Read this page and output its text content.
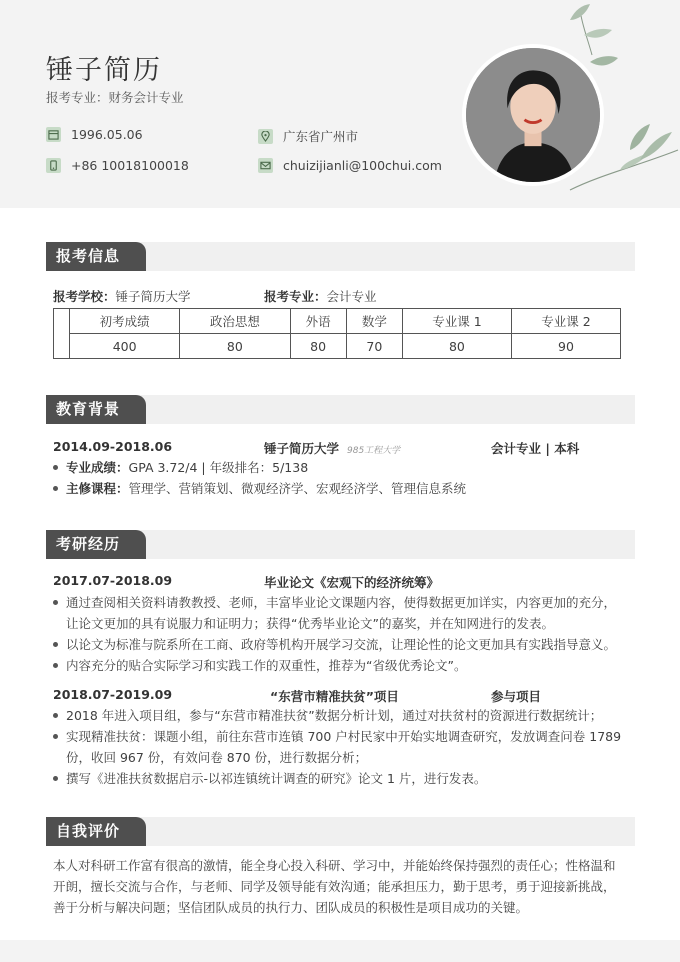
锤子简历
报考专业：财务会计专业
1996.05.06
+86 10018100018
广东省广州市
chuizijianli@100chui.com
报考信息
报考学校：锤子简历大学	报考专业：会计专业
	初考成绩	政治思想	外语	数学	专业课 1	专业课 2
	400	80	80	70	80	90
教育背景
2014.09-2018.06	锤子简历大学 985工程大学	会计专业 | 本科
专业成绩：GPA 3.72/4 | 年级排名：5/138
主修课程：管理学、营销策划、微观经济学、宏观经济学、管理信息系统
考研经历
2017.07-2018.09	毕业论文《宏观下的经济统筹》
通过查阅相关资料请教教授、老师，丰富毕业论文课题内容，使得数据更加详实，内容更加的充分，让论文更加的具有说服力和证明力；获得“优秀毕业论文”的嘉奖，并在知网进行的发表。
以论文为标准与院系所在工商、政府等机构开展学习交流，让理论性的论文更加具有实践指导意义。
内容充分的贴合实际学习和实践工作的双重性，推荐为“省级优秀论文”。
2018.07-2019.09	“东营市精准扶贫”项目	参与项目
2018 年进入项目组，参与“东营市精准扶贫”数据分析计划，通过对扶贫村的资源进行数据统计；
实现精准扶贫：课题小组，前往东营市连镇 700 户村民家中开始实地调查研究，发放调查问卷 1789 份，收回 967 份，有效问卷 870 份，进行数据分析；
撰写《进准扶贫数据启示-以祁连镇统计调查的研究》论文 1 片，进行发表。
自我评价
本人对科研工作富有很高的激情，能全身心投入科研、学习中，并能始终保持强烈的责任心；性格温和开朗，擅长交流与合作，与老师、同学及领导能有效沟通；能承担压力，勤于思考，勇于迎接新挑战，善于分析与解决问题；坚信团队成员的执行力、团队成员的积极性是项目成功的关键。
